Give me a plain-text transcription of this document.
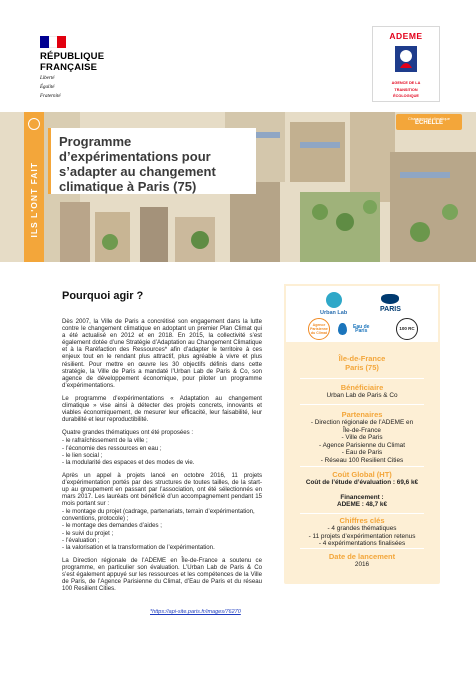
RÉPUBLIQUE
FRANÇAISE
Liberté
Égalité
Fraternité
ADEME
AGENCE DE LA
TRANSITION
ÉCOLOGIQUE
ILS L'ONT FAIT
Changement climatique
ÉCHELLE
Programme d’expérimentations pour s’adapter au changement climatique à Paris (75)
Pourquoi agir ?

Dès 2007, la Ville de Paris a concrétisé son engagement dans la lutte contre le changement climatique en adoptant un premier Plan Climat qui a été actualisé en 2012 et en 2018. En 2015, la collectivité s’est également dotée d’une Stratégie d’Adaptation au Changement Climatique et à la Raréfaction des Ressources* afin d’adapter le territoire à ces enjeux tout en le rendant plus attractif, plus agréable à vivre et plus résilient. Pour mettre en œuvre les 30 objectifs définis dans cette stratégie, la Ville de Paris a mandaté l’Urban Lab de Paris & Co, son agence de développement économique, pour piloter un programme d’expérimentations.

Le programme d’expérimentations « Adaptation au changement climatique » vise ainsi à détecter des projets concrets, innovants et viables économiquement, de mesurer leur efficacité, leur faisabilité, leur durabilité et leur reproductibilité.

Quatre grandes thématiques ont été proposées :

- le rafraîchissement de la ville ;
- l’économie des ressources en eau ;
- le lien social ;
- la modularité des espaces et des modes de vie.

Après un appel à projets lancé en octobre 2016, 11 projets d’expérimentation portés par des structures de toutes tailles, de la start-up au groupement en passant par l’association, ont été sélectionnés en mars 2017. Les lauréats ont bénéficié d’un accompagnement pendant 15 mois portant sur :

- le montage du projet (cadrage, partenariats, terrain d’expérimentation, conventions, protocole) ;
- le montage des demandes d’aides ;
- le suivi du projet ;
- l’évaluation ;
- la valorisation et la transformation de l’expérimentation.

La Direction régionale de l’ADEME en Île-de-France a soutenu ce programme, en particulier son évaluation. L’Urban Lab de Paris & Co s’est également appuyé sur les ressources et les compétences de la Ville de Paris, de l’Agence Parisienne du Climat, d’Eau de Paris et du réseau 100 Resilient Cities.

*https://api-site.paris.fr/images/76270
Urban Lab	PARIS
Agence Parisienne du Climat
Eau de Paris	100 RC
Île-de-France
Paris (75)
Bénéficiaire
Urban Lab de Paris & Co
Partenaires
- Direction régionale de l’ADEME en
Île-de-France
- Ville de Paris
- Agence Parisienne du Climat
- Eau de Paris
- Réseau 100 Resilient Cities
Coût Global (HT)
Coût de l’étude d’évaluation : 69,6 k€
Financement :
ADEME : 48,7 k€
Chiffres clés
- 4 grandes thématiques
- 11 projets d’expérimentation retenus
- 4 expérimentations finalisées
Date de lancement
2016
